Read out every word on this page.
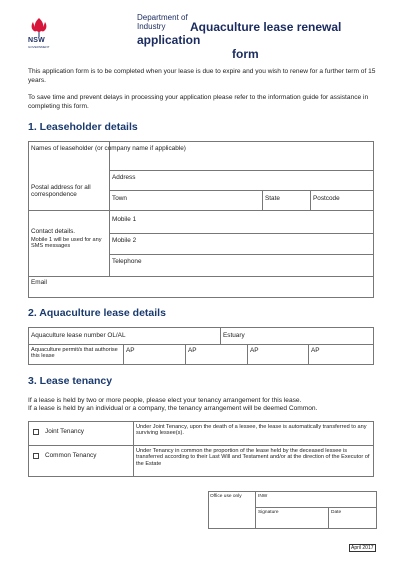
NSW
GOVERNMENT
Department of Industry	Aquaculture lease renewal
application
form
This application form is to be completed when your lease is due to expire and you wish to renew for a further term of 15 years.
To save time and prevent delays in processing your application please refer to the information guide for assistance in completing this form.
1. Leaseholder details
Names of leaseholder (or company name if applicable)
Postal address for all correspondence
Address
Town	State	Postcode
Contact details.
Mobile 1 will be used for any SMS messages
Mobile 1
Mobile 2
Telephone
Email
2. Aquaculture lease details
Aquaculture lease number OL/AL	Estuary
Aquaculture permit/s that authorise this lease
AP	AP	AP	AP
3. Lease tenancy
If a lease is held by two or more people, please elect your tenancy arrangement for this lease.
If a lease is held by an individual or a company, the tenancy arrangement will be deemed Common.
Joint Tenancy
Under Joint Tenancy, upon the death of a lessee, the lease is automatically transferred to any surviving lessee(s).
Common Tenancy
Under Tenancy in common the proportion of the lease held by the deceased lessee is transferred according to their Last Will and Testament and/or at the direction of the Executor of the Estate
Office use only	INW
Signature	Date
April 2017
